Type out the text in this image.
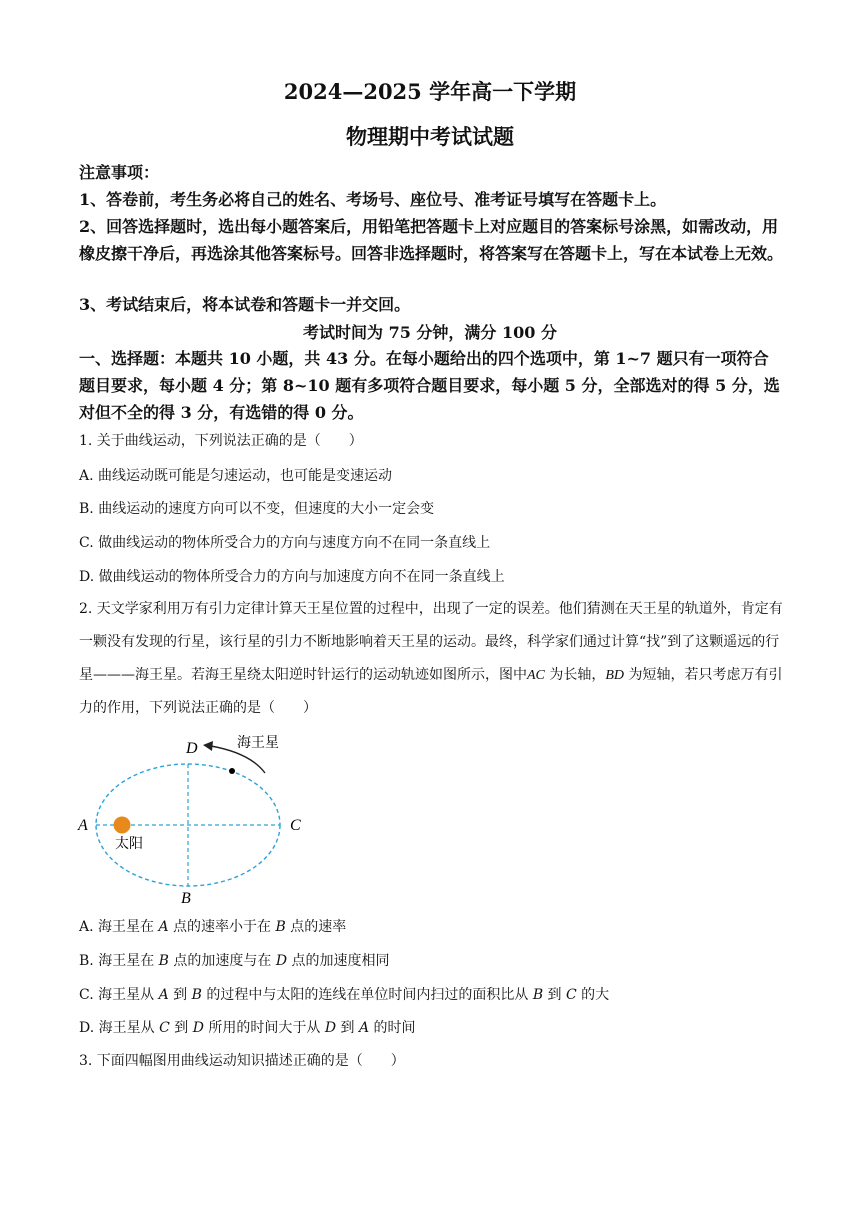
2024—2025 学年高一下学期
物理期中考试试题
注意事项：
1、答卷前，考生务必将自己的姓名、考场号、座位号、准考证号填写在答题卡上。
2、回答选择题时，选出每小题答案后，用铅笔把答题卡上对应题目的答案标号涂黑，如需改动，用橡皮擦干净后，再选涂其他答案标号。回答非选择题时，将答案写在答题卡上，写在本试卷上无效。
3、考试结束后，将本试卷和答题卡一并交回。
考试时间为 75 分钟，满分 100 分
一、选择题：本题共 10 小题，共 43 分。在每小题给出的四个选项中，第 1~7 题只有一项符合题目要求，每小题 4 分；第 8~10 题有多项符合题目要求，每小题 5 分，全部选对的得 5 分，选对但不全的得 3 分，有选错的得 0 分。
1. 关于曲线运动，下列说法正确的是（　　）
A. 曲线运动既可能是匀速运动，也可能是变速运动
B. 曲线运动的速度方向可以不变，但速度的大小一定会变
C. 做曲线运动的物体所受合力的方向与速度方向不在同一条直线上
D. 做曲线运动的物体所受合力的方向与加速度方向不在同一条直线上
2. 天文学家利用万有引力定律计算天王星位置的过程中，出现了一定的误差。他们猜测在天王星的轨道外，肯定有一颗没有发现的行星，该行星的引力不断地影响着天王星的运动。最终，科学家们通过计算“找”到了这颗遥远的行星———海王星。若海王星绕太阳逆时针运行的运动轨迹如图所示，图中AC 为长轴，BD 为短轴，若只考虑万有引力的作用，下列说法正确的是（　　）
A	C
D
B
太阳
海王星
A. 海王星在 A 点的速率小于在 B 点的速率
B. 海王星在 B 点的加速度与在 D 点的加速度相同
C. 海王星从 A 到 B 的过程中与太阳的连线在单位时间内扫过的面积比从 B 到 C 的大
D. 海王星从 C 到 D 所用的时间大于从 D 到 A 的时间
3. 下面四幅图用曲线运动知识描述正确的是（　　）
